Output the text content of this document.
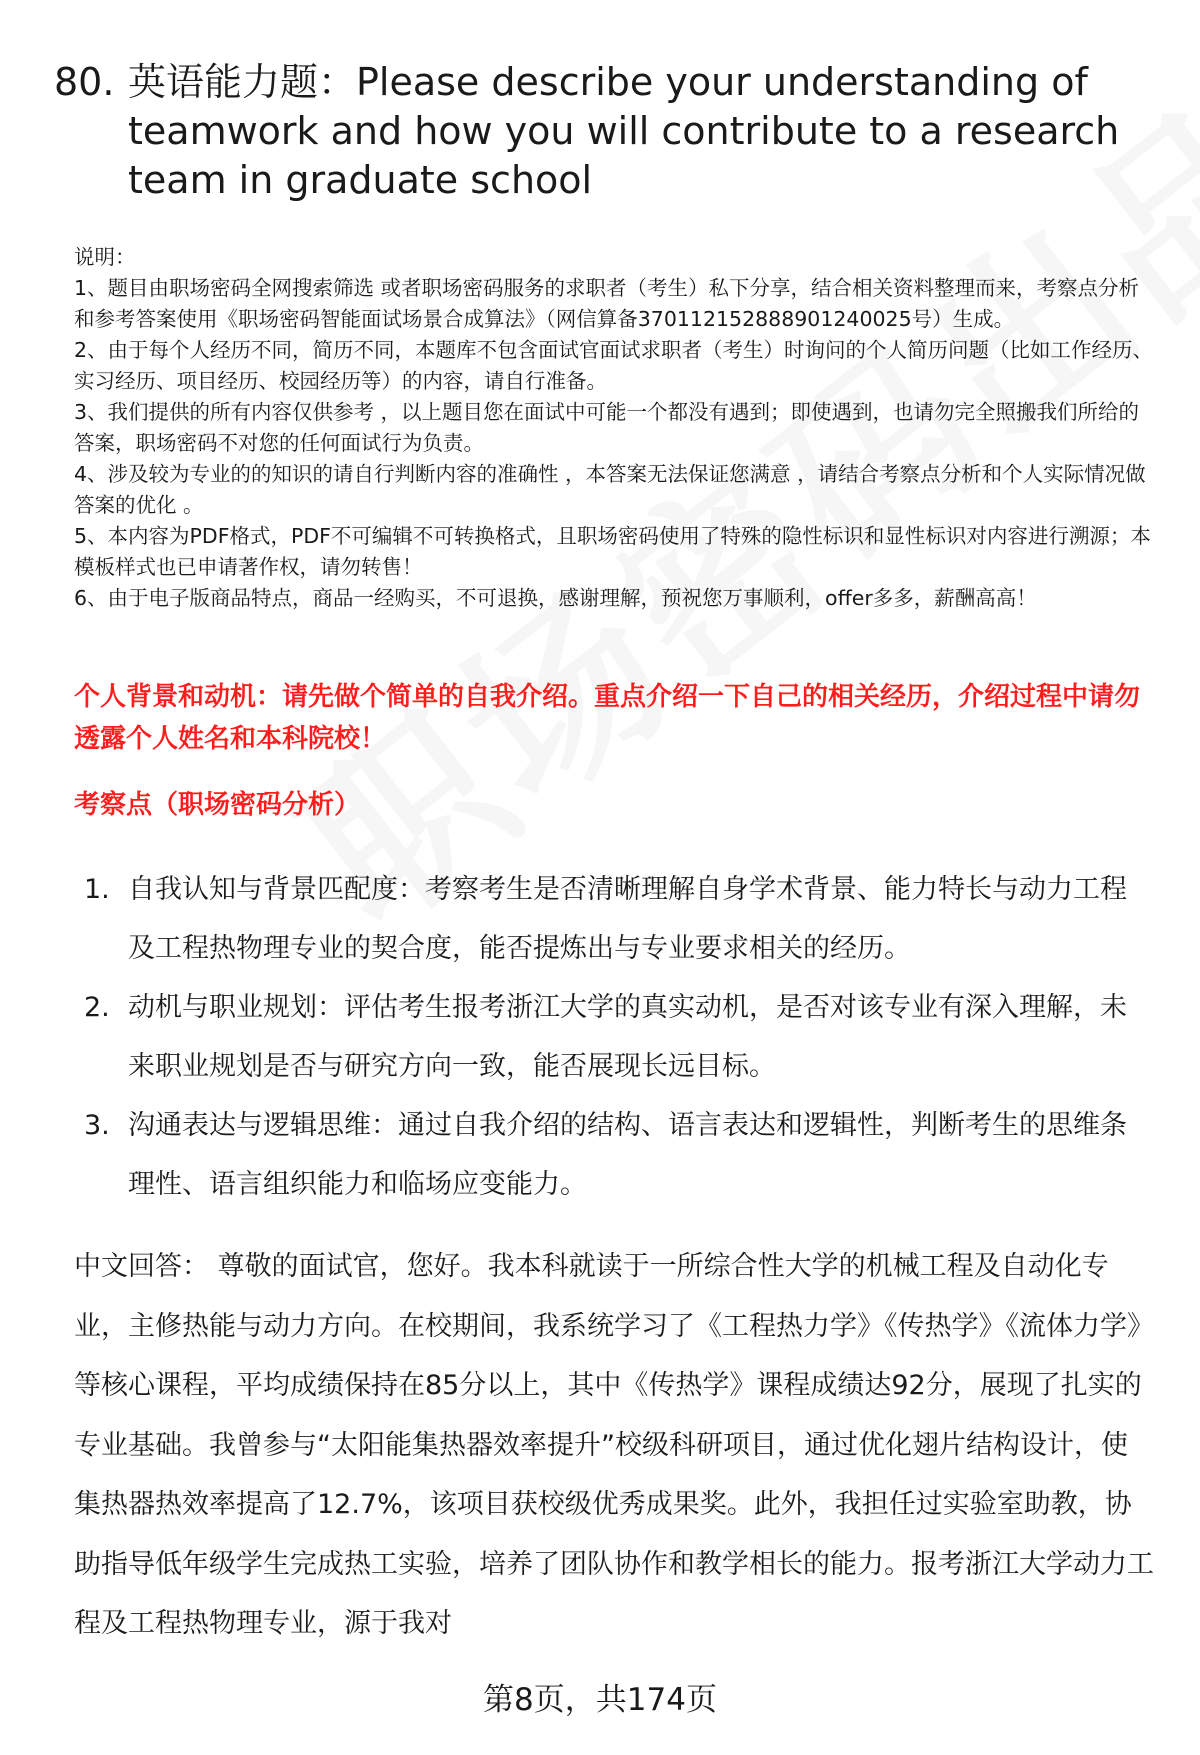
80. 英语能力题：Please describe your understanding of teamwork and how you will contribute to a research team in graduate school

说明：

1、题目由职场密码全网搜索筛选 或者职场密码服务的求职者（考生）私下分享，结合相关资料整理而来，考察点分析和参考答案使用《职场密码智能面试场景合成算法》（网信算备370112152888901240025号）生成。

2、由于每个人经历不同，简历不同，本题库不包含面试官面试求职者（考生）时询问的个人简历问题（比如工作经历、实习经历、项目经历、校园经历等）的内容，请自行准备。

3、我们提供的所有内容仅供参考 ，以上题目您在面试中可能一个都没有遇到；即使遇到，也请勿完全照搬我们所给的答案，职场密码不对您的任何面试行为负责。

4、涉及较为专业的的知识的请自行判断内容的准确性 ，本答案无法保证您满意 ，请结合考察点分析和个人实际情况做答案的优化 。

5、本内容为PDF格式，PDF不可编辑不可转换格式，且职场密码使用了特殊的隐性标识和显性标识对内容进行溯源；本模板样式也已申请著作权，请勿转售！

6、由于电子版商品特点，商品一经购买，不可退换，感谢理解，预祝您万事顺利，offer多多，薪酬高高！

个人背景和动机：请先做个简单的自我介绍。重点介绍一下自己的相关经历，介绍过程中请勿透露个人姓名和本科院校！
考察点（职场密码分析）
1. 自我认知与背景匹配度：考察考生是否清晰理解自身学术背景、能力特长与动力工程及工程热物理专业的契合度，能否提炼出与专业要求相关的经历。
2. 动机与职业规划：评估考生报考浙江大学的真实动机，是否对该专业有深入理解，未来职业规划是否与研究方向一致，能否展现长远目标。
3. 沟通表达与逻辑思维：通过自我介绍的结构、语言表达和逻辑性，判断考生的思维条理性、语言组织能力和临场应变能力。

中文回答： 尊敬的面试官，您好。我本科就读于一所综合性大学的机械工程及自动化专业，主修热能与动力方向。在校期间，我系统学习了《工程热力学》《传热学》《流体力学》等核心课程，平均成绩保持在85分以上，其中《传热学》课程成绩达92分，展现了扎实的专业基础。我曾参与“太阳能集热器效率提升”校级科研项目，通过优化翅片结构设计，使集热器热效率提高了12.7%，该项目获校级优秀成果奖。此外，我担任过实验室助教，协助指导低年级学生完成热工实验，培养了团队协作和教学相长的能力。报考浙江大学动力工程及工程热物理专业，源于我对

第8页，共174页
